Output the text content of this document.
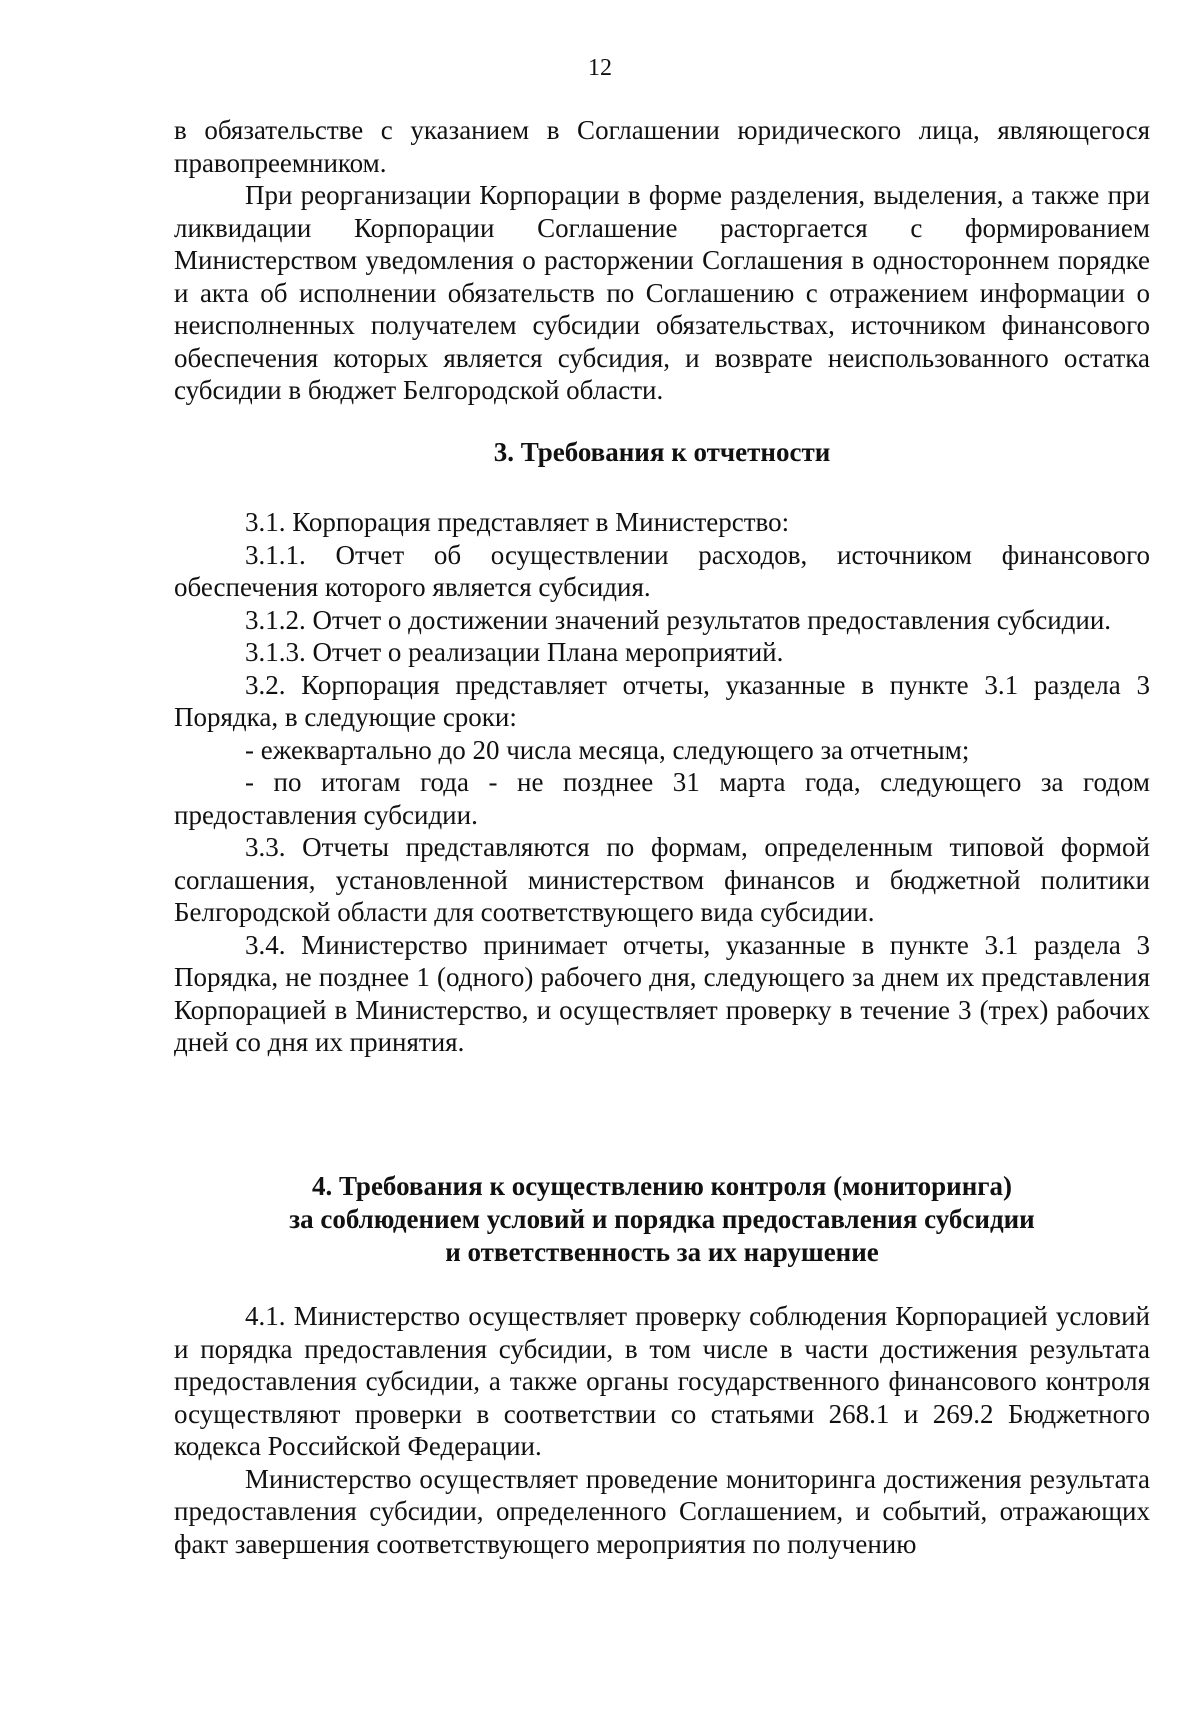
12

в обязательстве с указанием в Соглашении юридического лица, являющегося правопреемником.

При реорганизации Корпорации в форме разделения, выделения, а также при ликвидации Корпорации Соглашение расторгается с формированием Министерством уведомления о расторжении Соглашения в одностороннем порядке и акта об исполнении обязательств по Соглашению с отражением информации о неисполненных получателем субсидии обязательствах, источником финансового обеспечения которых является субсидия, и возврате неиспользованного остатка субсидии в бюджет Белгородской области.

3. Требования к отчетности

3.1. Корпорация представляет в Министерство:

3.1.1. Отчет об осуществлении расходов, источником финансового обеспечения которого является субсидия.

3.1.2. Отчет о достижении значений результатов предоставления субсидии.

3.1.3. Отчет о реализации Плана мероприятий.

3.2. Корпорация представляет отчеты, указанные в пункте 3.1 раздела 3 Порядка, в следующие сроки:

- ежеквартально до 20 числа месяца, следующего за отчетным;

- по итогам года - не позднее 31 марта года, следующего за годом предоставления субсидии.

3.3. Отчеты представляются по формам, определенным типовой формой соглашения, установленной министерством финансов и бюджетной политики Белгородской области для соответствующего вида субсидии.

3.4. Министерство принимает отчеты, указанные в пункте 3.1 раздела 3 Порядка, не позднее 1 (одного) рабочего дня, следующего за днем их представления Корпорацией в Министерство, и осуществляет проверку в течение 3 (трех) рабочих дней со дня их принятия.

4. Требования к осуществлению контроля (мониторинга)
за соблюдением условий и порядка предоставления субсидии
и ответственность за их нарушение

4.1. Министерство осуществляет проверку соблюдения Корпорацией условий и порядка предоставления субсидии, в том числе в части достижения результата предоставления субсидии, а также органы государственного финансового контроля осуществляют проверки в соответствии со статьями 268.1 и 269.2 Бюджетного кодекса Российской Федерации.

Министерство осуществляет проведение мониторинга достижения результата предоставления субсидии, определенного Соглашением, и событий, отражающих факт завершения соответствующего мероприятия по получению
